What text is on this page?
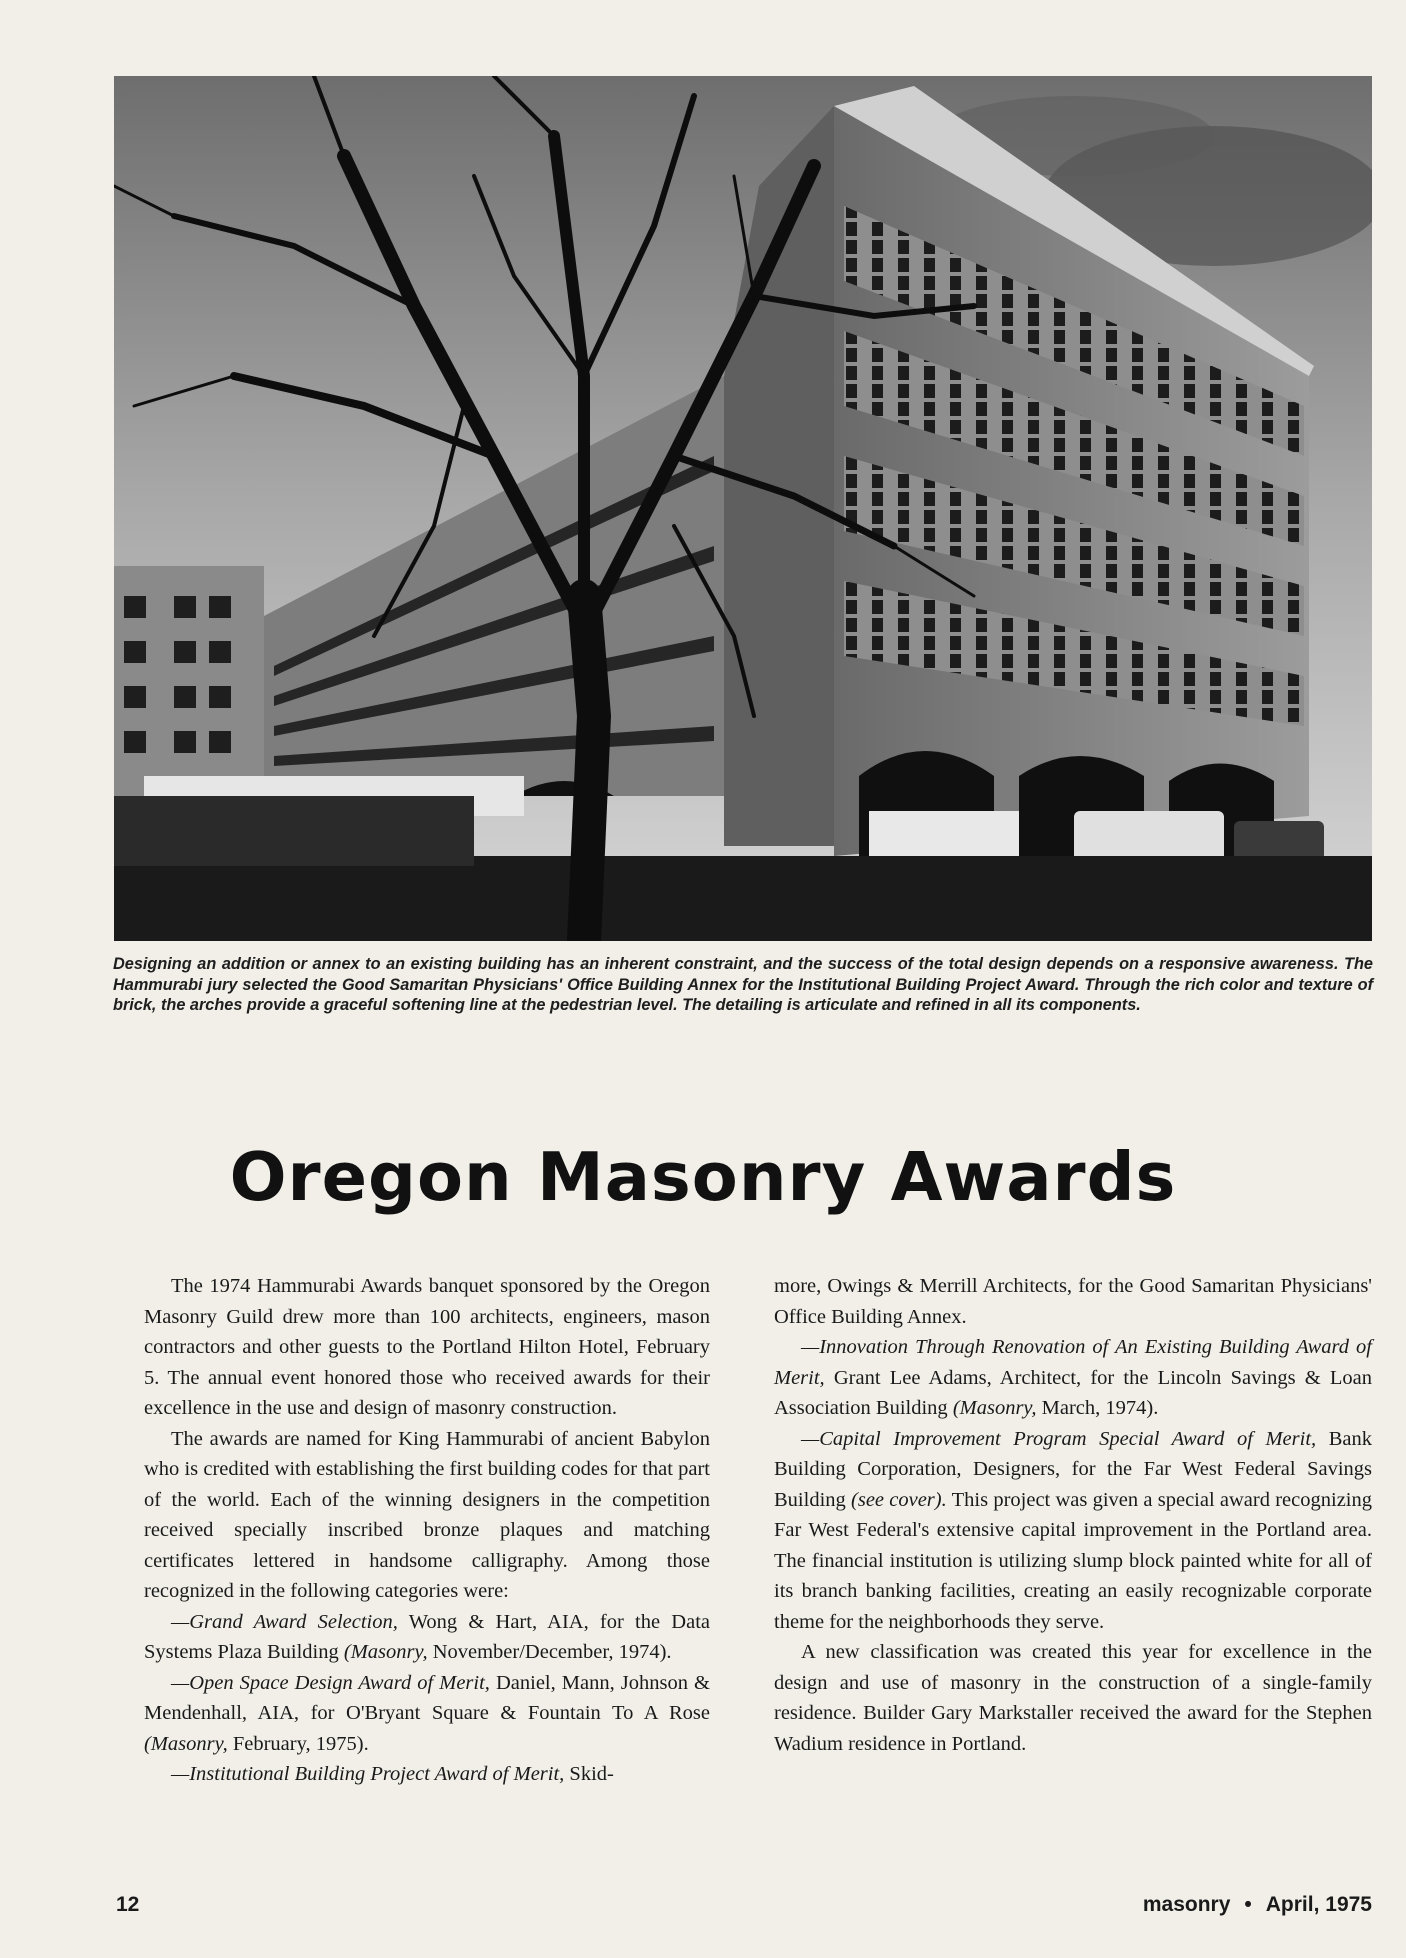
Designing an addition or annex to an existing building has an inherent constraint, and the success of the total design depends on a responsive awareness. The Hammurabi jury selected the Good Samaritan Physicians' Office Building Annex for the Institutional Building Project Award. Through the rich color and texture of brick, the arches provide a graceful softening line at the pedestrian level. The detailing is articulate and refined in all its components.
Oregon Masonry Awards

The 1974 Hammurabi Awards banquet sponsored by the Oregon Masonry Guild drew more than 100 architects, engineers, mason contractors and other guests to the Portland Hilton Hotel, February 5. The annual event honored those who received awards for their excellence in the use and design of masonry construction.

The awards are named for King Hammurabi of ancient Babylon who is credited with establishing the first building codes for that part of the world. Each of the winning designers in the competition received specially inscribed bronze plaques and matching certificates lettered in handsome calligraphy. Among those recognized in the following categories were:

—Grand Award Selection, Wong & Hart, AIA, for the Data Systems Plaza Building (Masonry, November/December, 1974).

—Open Space Design Award of Merit, Daniel, Mann, Johnson & Mendenhall, AIA, for O'Bryant Square & Fountain To A Rose (Masonry, February, 1975).

—Institutional Building Project Award of Merit, Skid-

more, Owings & Merrill Architects, for the Good Samaritan Physicians' Office Building Annex.

—Innovation Through Renovation of An Existing Building Award of Merit, Grant Lee Adams, Architect, for the Lincoln Savings & Loan Association Building (Masonry, March, 1974).

—Capital Improvement Program Special Award of Merit, Bank Building Corporation, Designers, for the Far West Federal Savings Building (see cover). This project was given a special award recognizing Far West Federal's extensive capital improvement in the Portland area. The financial institution is utilizing slump block painted white for all of its branch banking facilities, creating an easily recognizable corporate theme for the neighborhoods they serve.

A new classification was created this year for excellence in the design and use of masonry in the construction of a single-family residence. Builder Gary Markstaller received the award for the Stephen Wadium residence in Portland.

12	masonry • April, 1975
